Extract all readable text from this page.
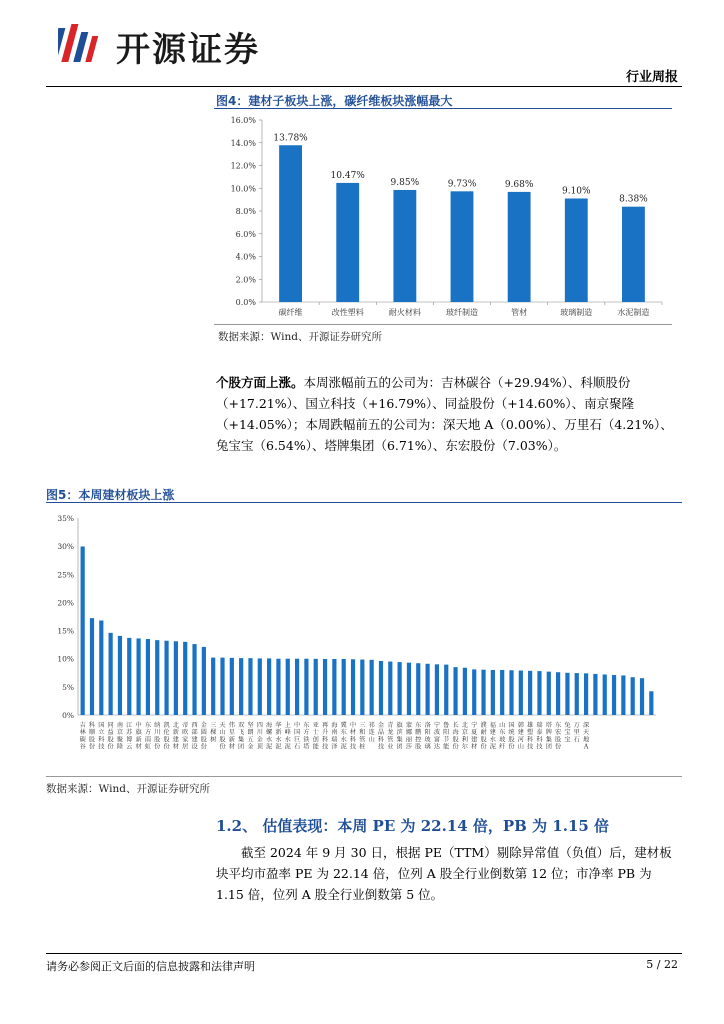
开源证券
行业周报
图4：建材子板块上涨，碳纤维板块涨幅最大
0.0%
2.0%
4.0%
6.0%
8.0%
10.0%
12.0%
14.0%
16.0%
13.78%
碳纤维
10.47%
改性塑料
9.85%
耐火材料
9.73%
玻纤制造
9.68%
管材
9.10%
玻璃制造
8.38%
水泥制造
数据来源：Wind、开源证券研究所
个股方面上涨。本周涨幅前五的公司为：吉林碳谷（+29.94%）、科顺股份（+17.21%）、国立科技（+16.79%）、同益股份（+14.60%）、南京聚隆（+14.05%）；本周跌幅前五的公司为：深天地 A（0.00%）、万里石（4.21%）、兔宝宝（6.54%）、塔牌集团（6.71%）、东宏股份（7.03%）。
图5：本周建材板块上涨
0%
5%
10%
15%
20%
25%
30%
35%
吉林碳谷
科顺股份
国立科技
同益股份
南京聚隆
江苏博云
中旗新材
东方雨虹
纳川股份
凯伦股份
北新建材
帝欧家居
西部建设
金圆股份
三棵树
天山股份
伟星新材
双飞集团
坚朗五金
四川金顶
海螺水泥
华新水泥
上峰水泥
中国巨石
东方铁塔
亚士创能
再升科技
海南瑞泽
冀东水泥
中材科技
三和管桩
祁连山
金晶科技
青龙管业
旗滨集团
蒙娜丽莎
东鹏控股
洛阳玻璃
宁波富达
鲁阳节能
长海股份
北京利尔
宁夏建材
濮耐股份
福建水泥
山东玻纤
国统股份
韩建河山
雄塑科技
瑞泰科技
塔牌集团
东宏股份
兔宝宝
万里石
深天地 A
数据来源：Wind、开源证券研究所
1.2、 估值表现：本周 PE 为 22.14 倍，PB 为 1.15 倍
截至 2024 年 9 月 30 日，根据 PE（TTM）剔除异常值（负值）后，建材板块平均市盈率 PE 为 22.14 倍，位列 A 股全行业倒数第 12 位；市净率 PB 为 1.15 倍，位列 A 股全行业倒数第 5 位。
请务必参阅正文后面的信息披露和法律声明	5 / 22
